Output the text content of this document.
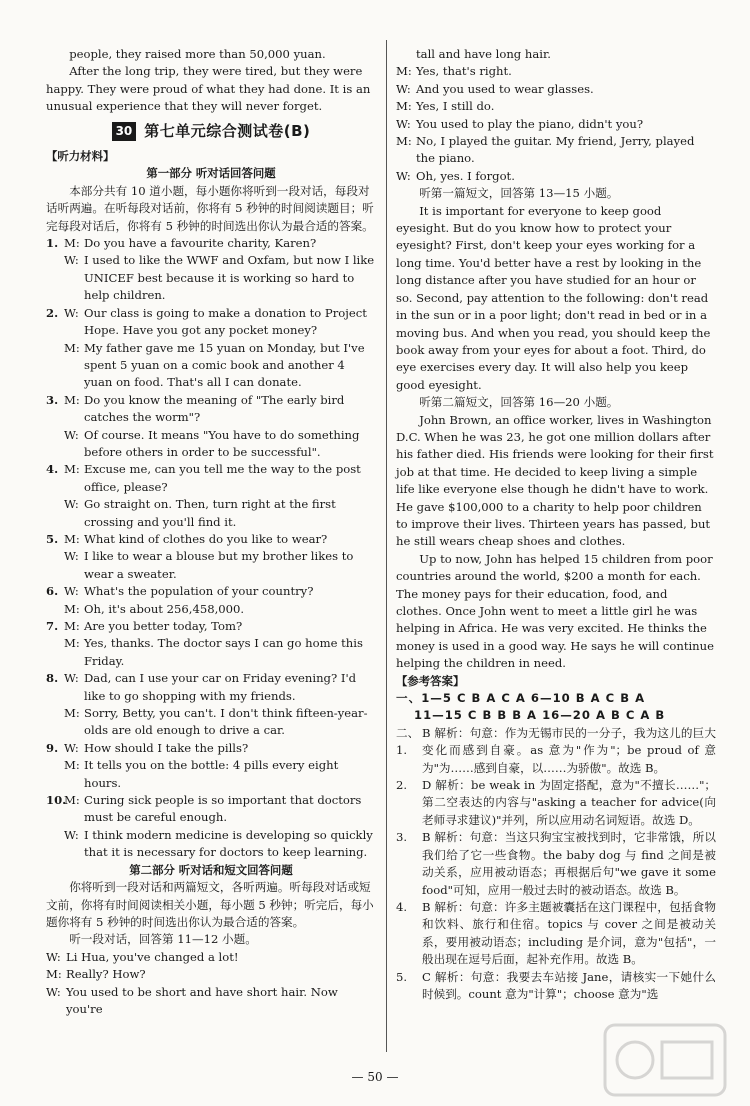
people, they raised more than 50,000 yuan.

After the long trip, they were tired, but they were happy. They were proud of what they had done. It is an unusual experience that they will never forget.

30 第七单元综合测试卷(B)

【听力材料】

第一部分 听对话回答问题

本部分共有 10 道小题，每小题你将听到一段对话，每段对话听两遍。在听每段对话前，你将有 5 秒钟的时间阅读题目；听完每段对话后，你将有 5 秒钟的时间选出你认为最合适的答案。

1. M: Do you have a favourite charity, Karen?
W: I used to like the WWF and Oxfam, but now I like UNICEF best because it is working so hard to help children.
2. W: Our class is going to make a donation to Project Hope. Have you got any pocket money?
M: My father gave me 15 yuan on Monday, but I've spent 5 yuan on a comic book and another 4 yuan on food. That's all I can donate.
3. M: Do you know the meaning of "The early bird catches the worm"?
W: Of course. It means "You have to do something before others in order to be successful".
4. M: Excuse me, can you tell me the way to the post office, please?
W: Go straight on. Then, turn right at the first crossing and you'll find it.
5. M: What kind of clothes do you like to wear?
W: I like to wear a blouse but my brother likes to wear a sweater.
6. W: What's the population of your country?
M: Oh, it's about 256,458,000.
7. M: Are you better today, Tom?
M: Yes, thanks. The doctor says I can go home this Friday.
8. W: Dad, can I use your car on Friday evening? I'd like to go shopping with my friends.
M: Sorry, Betty, you can't. I don't think fifteen-year-olds are old enough to drive a car.
9. W: How should I take the pills?
M: It tells you on the bottle: 4 pills every eight hours.
10.
M: Curing sick people is so important that doctors must be careful enough.
W: I think modern medicine is developing so quickly that it is necessary for doctors to keep learning.

第二部分 听对话和短文回答问题

你将听到一段对话和两篇短文，各听两遍。听每段对话或短文前，你将有时间阅读相关小题，每小题 5 秒钟；听完后，每小题你将有 5 秒钟的时间选出你认为最合适的答案。

听一段对话，回答第 11—12 小题。

W: Li Hua, you've changed a lot!
M: Really? How?
W: You used to be short and have short hair. Now you're
tall and have long hair.
M: Yes, that's right.
W: And you used to wear glasses.
M: Yes, I still do.
W: You used to play the piano, didn't you?
M: No, I played the guitar. My friend, Jerry, played the piano.
W: Oh, yes. I forgot.

听第一篇短文，回答第 13—15 小题。

It is important for everyone to keep good eyesight. But do you know how to protect your eyesight? First, don't keep your eyes working for a long time. You'd better have a rest by looking in the long distance after you have studied for an hour or so. Second, pay attention to the following: don't read in the sun or in a poor light; don't read in bed or in a moving bus. And when you read, you should keep the book away from your eyes for about a foot. Third, do eye exercises every day. It will also help you keep good eyesight.

听第二篇短文，回答第 16—20 小题。

John Brown, an office worker, lives in Washington D.C. When he was 23, he got one million dollars after his father died. His friends were looking for their first job at that time. He decided to keep living a simple life like everyone else though he didn't have to work. He gave $100,000 to a charity to help poor children to improve their lives. Thirteen years has passed, but he still wears cheap shoes and clothes.

Up to now, John has helped 15 children from poor countries around the world, $200 a month for each. The money pays for their education, food, and clothes. Once John went to meet a little girl he was helping in Africa. He was very excited. He thinks the money is used in a good way. He says he will continue helping the children in need.

【参考答案】

一、1—5 C B A C A 6—10 B A C B A

11—15 C B B B A 16—20 A B C A B

二、1.
B 解析：句意：作为无锡市民的一分子，我为这儿的巨大变化而感到自豪。as 意为"作为"；be proud of 意为"为……感到自豪，以……为骄傲"。故选 B。
2.	D 解析：be weak in 为固定搭配，意为"不擅长……"；第二空表达的内容与"asking a teacher for advice(向老师寻求建议)"并列，所以应用动名词短语。故选 D。
3.	B 解析：句意：当这只狗宝宝被找到时，它非常饿，所以我们给了它一些食物。the baby dog 与 find 之间是被动关系，应用被动语态；再根据后句"we gave it some food"可知，应用一般过去时的被动语态。故选 B。
4.	B 解析：句意：许多主题被囊括在这门课程中，包括食物和饮料、旅行和住宿。topics 与 cover 之间是被动关系，要用被动语态；including 是介词，意为"包括"，一般出现在逗号后面，起补充作用。故选 B。
5.	C 解析：句意：我要去车站接 Jane，请核实一下她什么时候到。count 意为"计算"；choose 意为"选
— 50 —
